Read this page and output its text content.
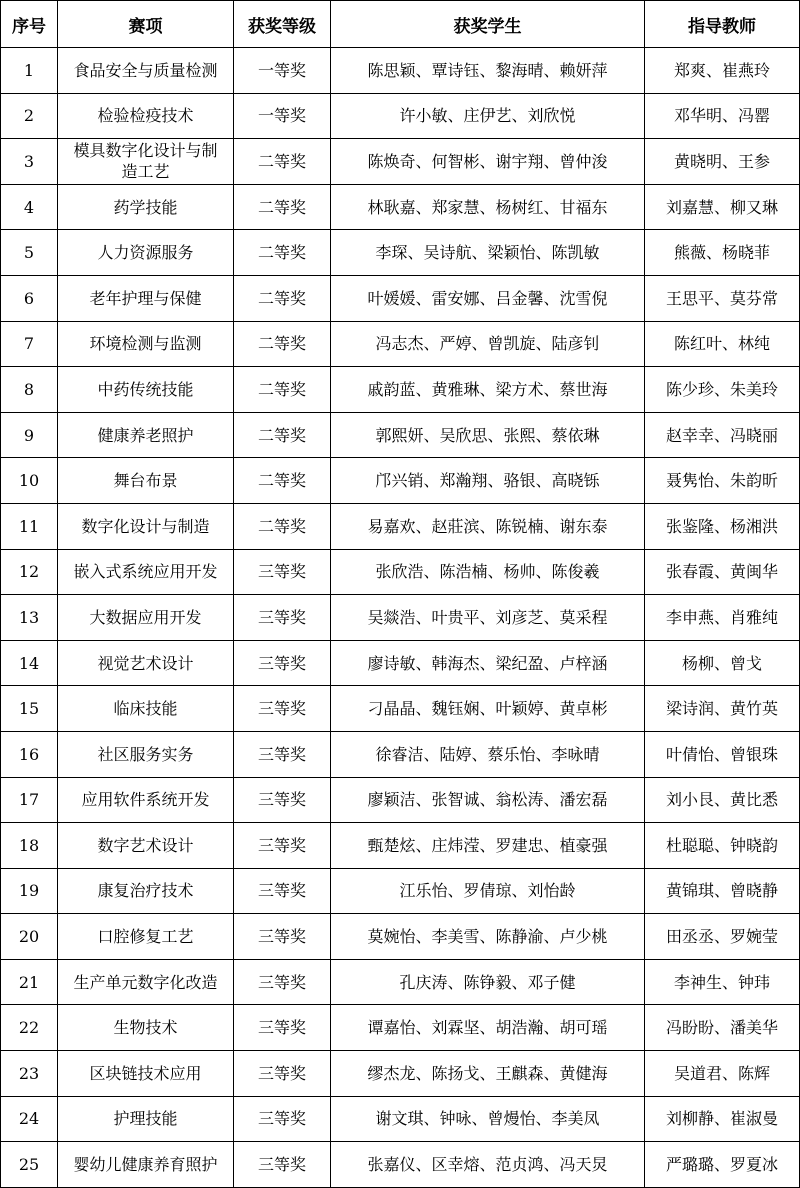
序号	赛项	获奖等级	获奖学生	指导教师
1	食品安全与质量检测	一等奖	陈思颖、覃诗钰、黎海晴、赖妍萍	郑爽、崔燕玲
2	检验检疫技术	一等奖	许小敏、庄伊艺、刘欣悦	邓华明、冯罂
3	模具数字化设计与制造工艺	二等奖	陈焕奇、何智彬、谢宇翔、曾仲浚	黄晓明、王参
4	药学技能	二等奖	林耿嘉、郑家慧、杨树红、甘福东	刘嘉慧、柳又琳
5	人力资源服务	二等奖	李琛、吴诗航、梁颖怡、陈凯敏	熊薇、杨晓菲
6	老年护理与保健	二等奖	叶媛媛、雷安娜、吕金馨、沈雪倪	王思平、莫芬常
7	环境检测与监测	二等奖	冯志杰、严婷、曾凯旋、陆彦钊	陈红叶、林纯
8	中药传统技能	二等奖	戚韵蓝、黄雅琳、梁方术、蔡世海	陈少珍、朱美玲
9	健康养老照护	二等奖	郭熙妍、吴欣思、张熙、蔡依琳	赵幸幸、冯晓丽
10	舞台布景	二等奖	邝兴销、郑瀚翔、骆银、高晓铄	聂隽怡、朱韵昕
11	数字化设计与制造	二等奖	易嘉欢、赵莊滨、陈锐楠、谢东泰	张鉴隆、杨湘洪
12	嵌入式系统应用开发	三等奖	张欣浩、陈浩楠、杨帅、陈俊羲	张春霞、黄闽华
13	大数据应用开发	三等奖	吴燚浩、叶贵平、刘彦芝、莫采程	李申燕、肖雅纯
14	视觉艺术设计	三等奖	廖诗敏、韩海杰、梁纪盈、卢梓涵	杨柳、曾戈
15	临床技能	三等奖	刁晶晶、魏钰娴、叶颖婷、黄卓彬	梁诗润、黄竹英
16	社区服务实务	三等奖	徐睿洁、陆婷、蔡乐怡、李咏晴	叶倩怡、曾银珠
17	应用软件系统开发	三等奖	廖颖洁、张智诚、翁松涛、潘宏磊	刘小艮、黄比悉
18	数字艺术设计	三等奖	甄楚炫、庄炜滢、罗建忠、植豪强	杜聪聪、钟晓韵
19	康复治疗技术	三等奖	江乐怡、罗倩琼、刘怡龄	黄锦琪、曾晓静
20	口腔修复工艺	三等奖	莫婉怡、李美雪、陈静渝、卢少桃	田丞丞、罗婉莹
21	生产单元数字化改造	三等奖	孔庆涛、陈铮毅、邓子健	李神生、钟玮
22	生物技术	三等奖	谭嘉怡、刘霖坚、胡浩瀚、胡可瑶	冯盼盼、潘美华
23	区块链技术应用	三等奖	缪杰龙、陈扬戈、王麒森、黄健海	吴道君、陈辉
24	护理技能	三等奖	谢文琪、钟咏、曾熳怡、李美凤	刘柳静、崔淑曼
25	婴幼儿健康养育照护	三等奖	张嘉仪、区幸熔、范贞鸿、冯天炅	严璐璐、罗夏冰
